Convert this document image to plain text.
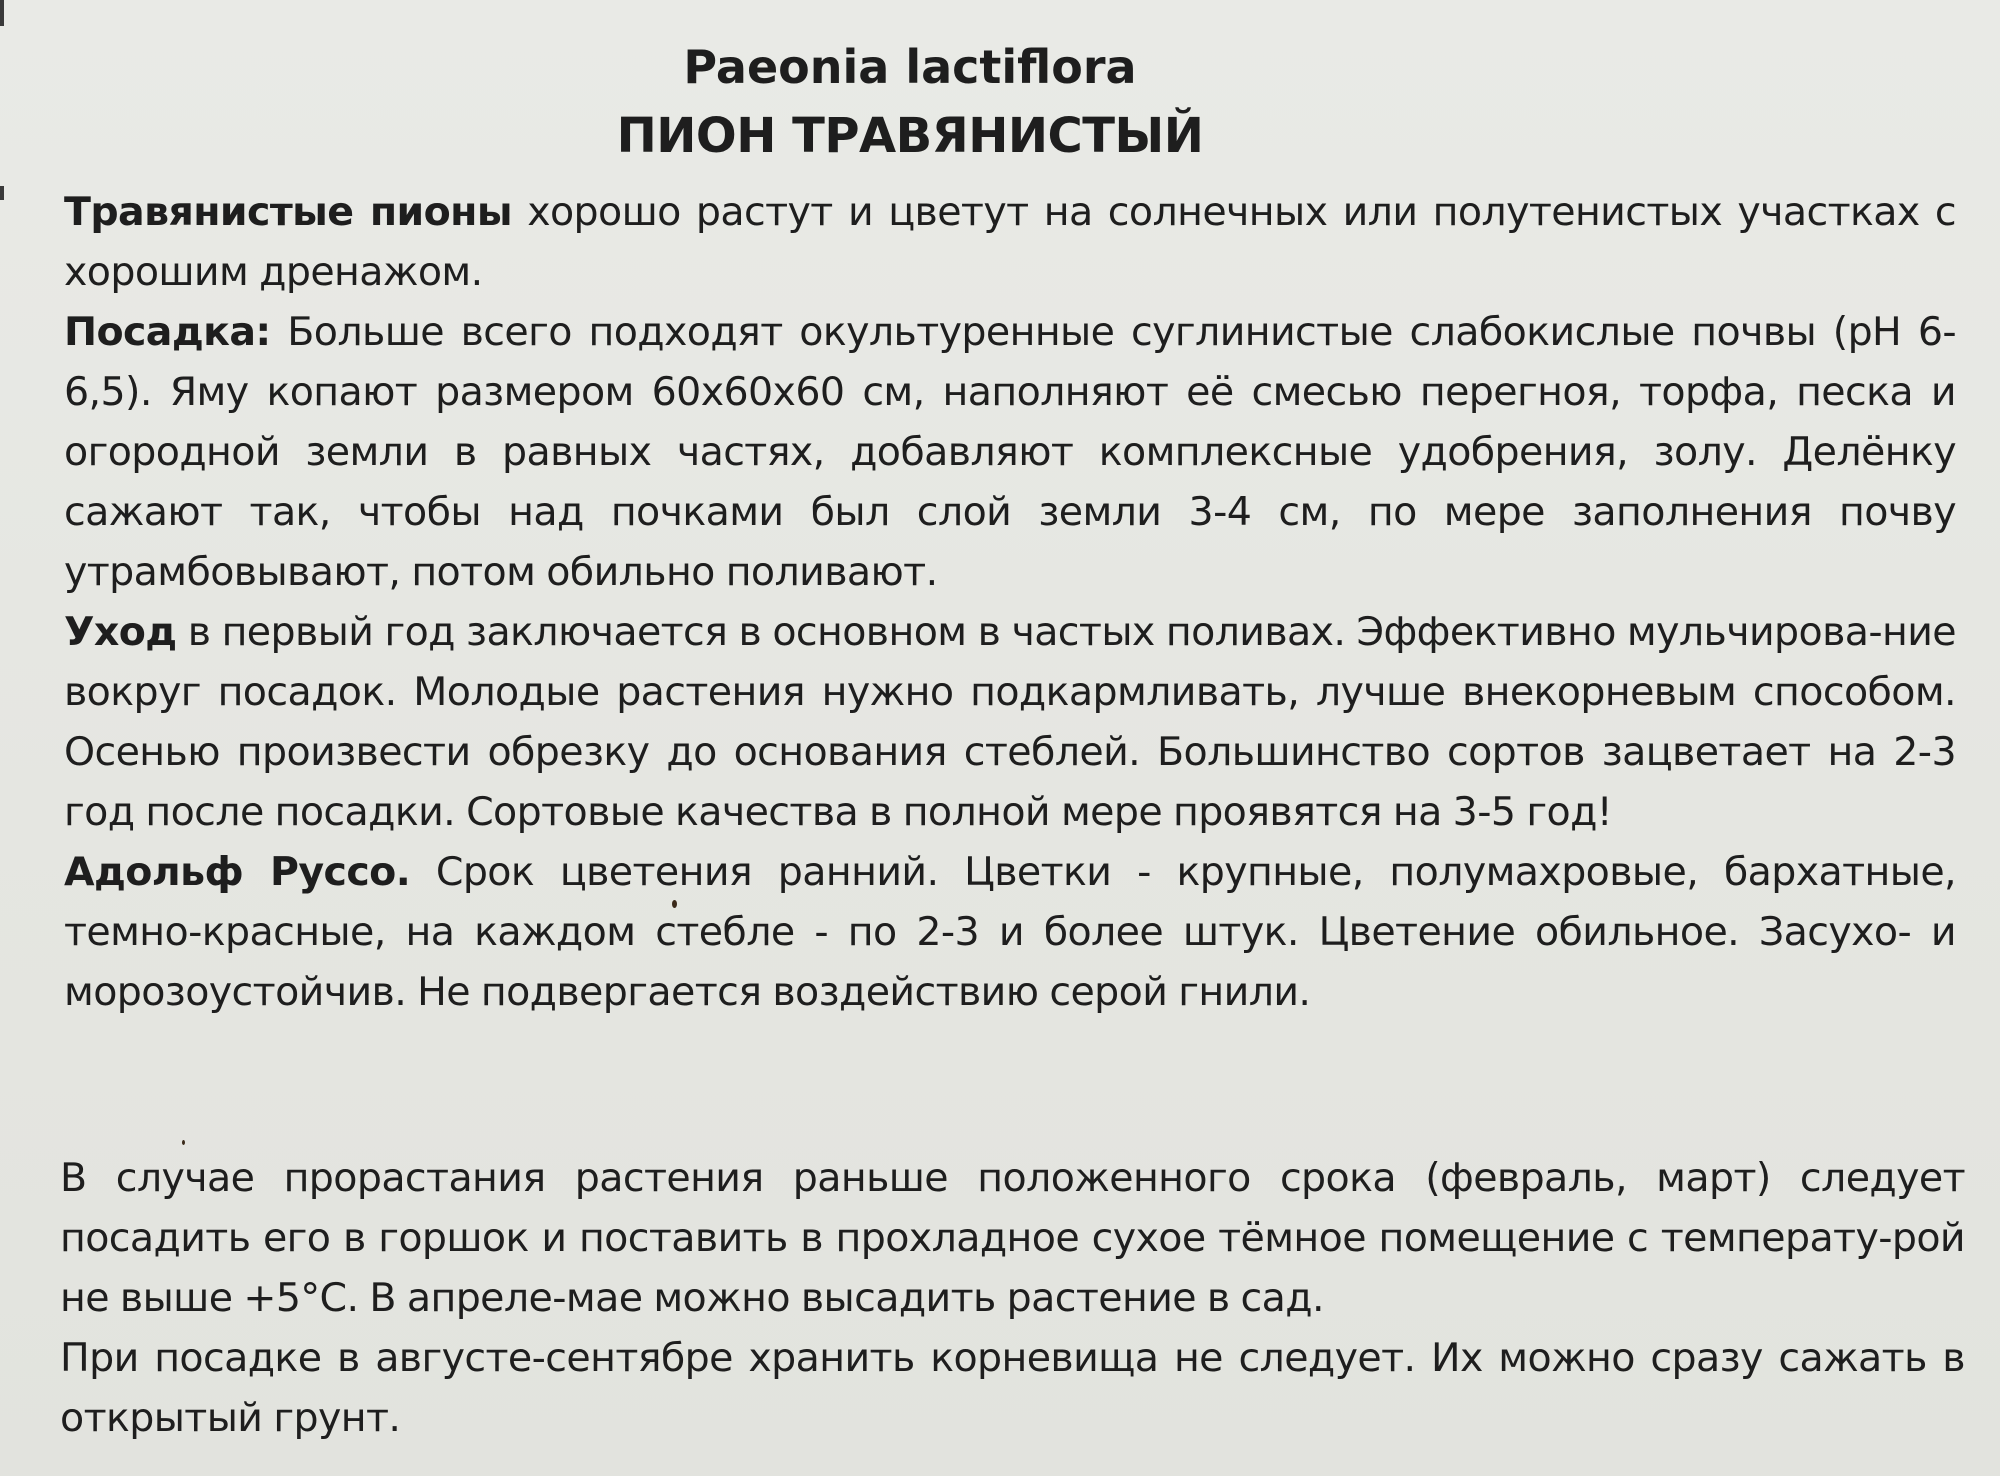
Paeonia lactiflora
ПИОН ТРАВЯНИСТЫЙ

Травянистые пионы хорошо растут и цветут на солнечных или полутенистых участках с хорошим дренажом.

Посадка: Больше всего подходят окультуренные суглинистые слабокислые почвы (pH 6-6,5). Яму копают размером 60х60х60 см, наполняют её смесью перегноя, торфа, песка и огородной земли в равных частях, добавляют комплексные удобрения, золу. Делёнку сажают так, чтобы над почками был слой земли 3-4 см, по мере заполнения почву утрамбовывают, потом обильно поливают.

Уход в первый год заключается в основном в частых поливах. Эффективно мульчирова-ние вокруг посадок. Молодые растения нужно подкармливать, лучше внекорневым способом. Осенью произвести обрезку до основания стеблей. Большинство сортов зацветает на 2-3 год после посадки. Сортовые качества в полной мере проявятся на 3-5 год!

Адольф Руссо. Срок цветения ранний. Цветки - крупные, полумахровые, бархатные, темно-красные, на каждом стебле - по 2-3 и более штук. Цветение обильное. Засухо- и морозоустойчив. Не подвергается воздействию серой гнили.

В случае прорастания растения раньше положенного срока (февраль, март) следует посадить его в горшок и поставить в прохладное сухое тёмное помещение с температу-рой не выше +5°С. В апреле-мае можно высадить растение в сад.

При посадке в августе-сентябре хранить корневища не следует. Их можно сразу сажать в открытый грунт.
